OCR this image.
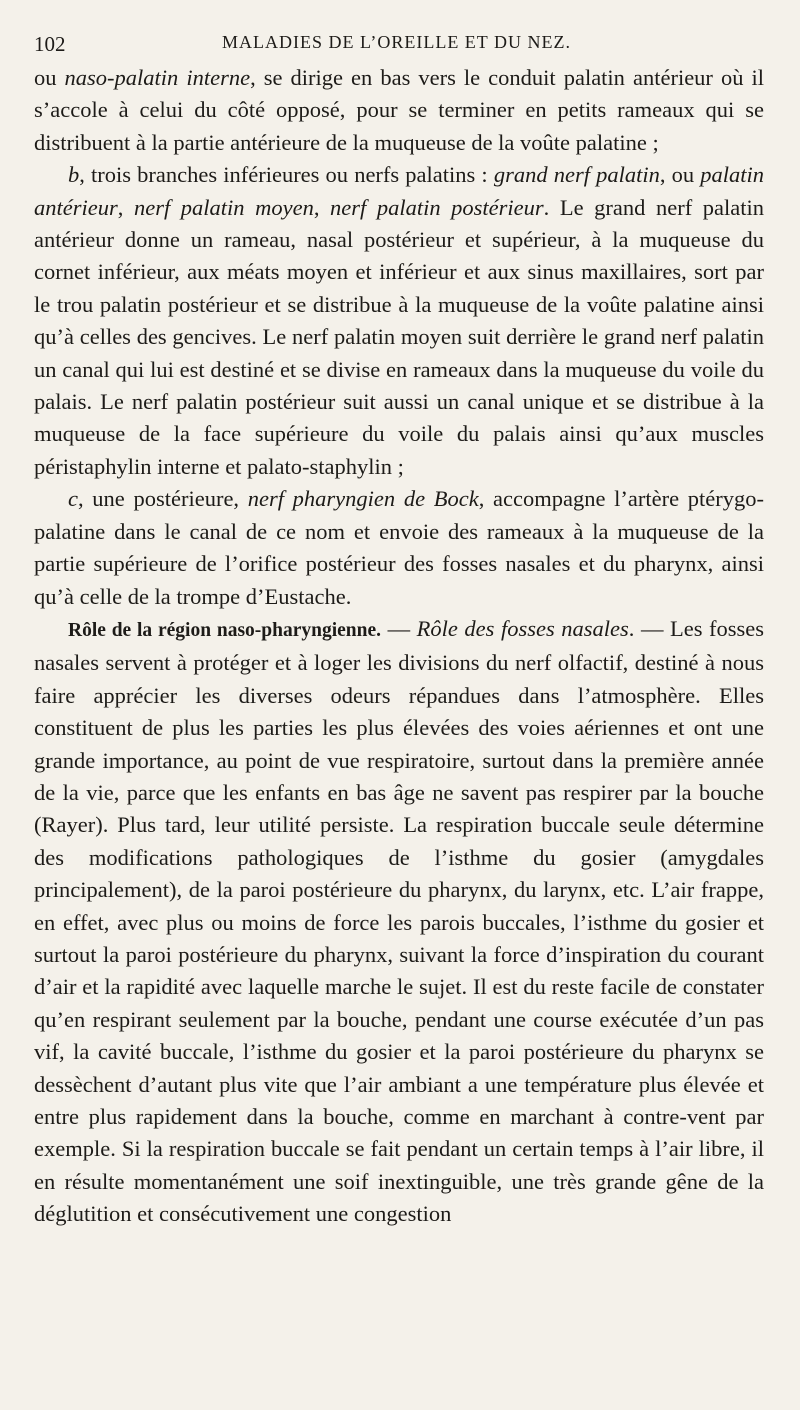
102	MALADIES DE L’OREILLE ET DU NEZ.

ou naso-palatin interne, se dirige en bas vers le conduit palatin antérieur où il s’accole à celui du côté opposé, pour se terminer en petits rameaux qui se distribuent à la partie antérieure de la muqueuse de la voûte palatine ;

b, trois branches inférieures ou nerfs palatins : grand nerf palatin, ou palatin antérieur, nerf palatin moyen, nerf palatin postérieur. Le grand nerf palatin antérieur donne un rameau, nasal postérieur et supérieur, à la muqueuse du cornet inférieur, aux méats moyen et inférieur et aux sinus maxillaires, sort par le trou palatin postérieur et se distribue à la muqueuse de la voûte palatine ainsi qu’à celles des gencives. Le nerf palatin moyen suit derrière le grand nerf palatin un canal qui lui est destiné et se divise en rameaux dans la muqueuse du voile du palais. Le nerf palatin postérieur suit aussi un canal unique et se distribue à la muqueuse de la face supérieure du voile du palais ainsi qu’aux muscles péristaphylin interne et palato-staphylin ;

c, une postérieure, nerf pharyngien de Bock, accompagne l’artère ptérygo-palatine dans le canal de ce nom et envoie des rameaux à la muqueuse de la partie supérieure de l’orifice postérieur des fosses nasales et du pharynx, ainsi qu’à celle de la trompe d’Eustache.

Rôle de la région naso-pharyngienne. — Rôle des fosses nasales. — Les fosses nasales servent à protéger et à loger les divisions du nerf olfactif, destiné à nous faire apprécier les diverses odeurs répandues dans l’atmosphère. Elles constituent de plus les parties les plus élevées des voies aériennes et ont une grande importance, au point de vue respiratoire, surtout dans la première année de la vie, parce que les enfants en bas âge ne savent pas respirer par la bouche (Rayer). Plus tard, leur utilité persiste. La respiration buccale seule détermine des modifications pathologiques de l’isthme du gosier (amygdales principalement), de la paroi postérieure du pharynx, du larynx, etc. L’air frappe, en effet, avec plus ou moins de force les parois buccales, l’isthme du gosier et surtout la paroi postérieure du pharynx, suivant la force d’inspiration du courant d’air et la rapidité avec laquelle marche le sujet. Il est du reste facile de constater qu’en respirant seulement par la bouche, pendant une course exécutée d’un pas vif, la cavité buccale, l’isthme du gosier et la paroi postérieure du pharynx se dessèchent d’autant plus vite que l’air ambiant a une température plus élevée et entre plus rapidement dans la bouche, comme en marchant à contre-vent par exemple. Si la respiration buccale se fait pendant un certain temps à l’air libre, il en résulte momentanément une soif inextinguible, une très grande gêne de la déglutition et consécutivement une congestion
